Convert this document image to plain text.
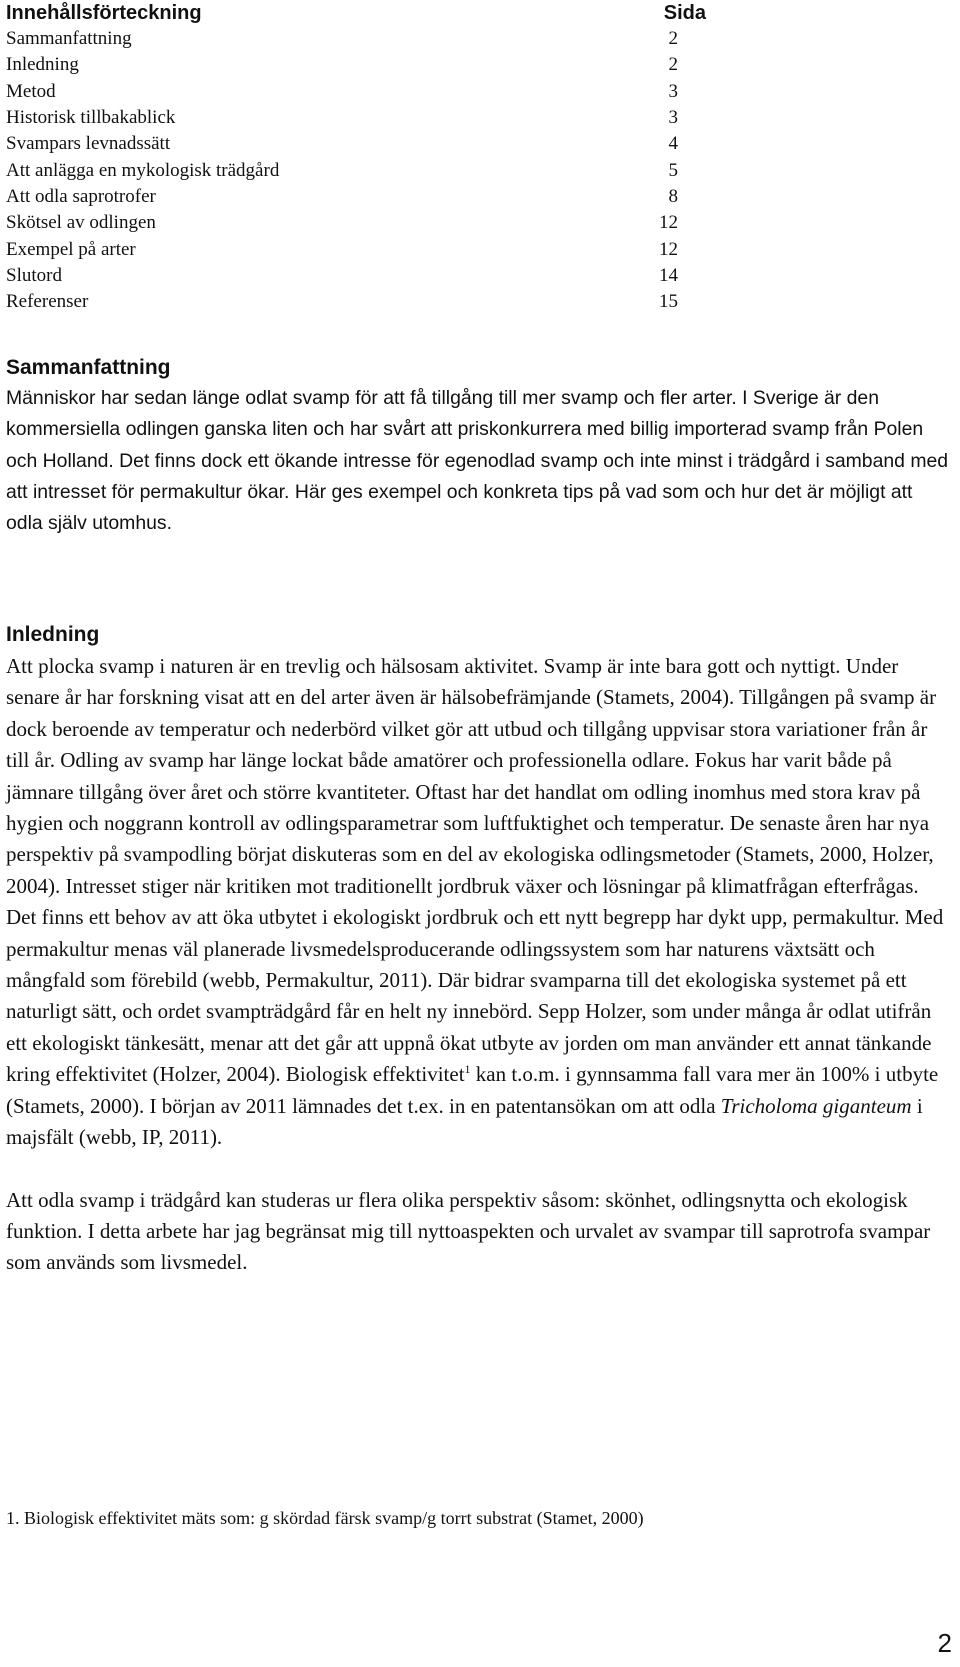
Innehållsförteckning	Sida
Sammanfattning	2
Inledning	2
Metod	3
Historisk tillbakablick	3
Svampars levnadssätt	4
Att anlägga en mykologisk trädgård	5
Att odla saprotrofer	8
Skötsel av odlingen	12
Exempel på arter	12
Slutord	14
Referenser	15
Sammanfattning

Människor har sedan länge odlat svamp för att få tillgång till mer svamp och fler arter. I Sverige är den kommersiella odlingen ganska liten och har svårt att priskonkurrera med billig importerad svamp från Polen och Holland. Det finns dock ett ökande intresse för egenodlad svamp och inte minst i trädgård i samband med att intresset för permakultur ökar. Här ges exempel och konkreta tips på vad som och hur det är möjligt att odla själv utomhus.

Inledning

Att plocka svamp i naturen är en trevlig och hälsosam aktivitet. Svamp är inte bara gott och nyttigt. Under senare år har forskning visat att en del arter även är hälsobefrämjande (Stamets, 2004). Tillgången på svamp är dock beroende av temperatur och nederbörd vilket gör att utbud och tillgång uppvisar stora variationer från år till år. Odling av svamp har länge lockat både amatörer och professionella odlare. Fokus har varit både på jämnare tillgång över året och större kvantiteter. Oftast har det handlat om odling inomhus med stora krav på hygien och noggrann kontroll av odlingsparametrar som luftfuktighet och temperatur. De senaste åren har nya perspektiv på svampodling börjat diskuteras som en del av ekologiska odlingsmetoder (Stamets, 2000, Holzer, 2004). Intresset stiger när kritiken mot traditionellt jordbruk växer och lösningar på klimatfrågan efterfrågas. Det finns ett behov av att öka utbytet i ekologiskt jordbruk och ett nytt begrepp har dykt upp, permakultur. Med permakultur menas väl planerade livsmedelsproducerande odlingssystem som har naturens växtsätt och mångfald som förebild (webb, Permakultur, 2011). Där bidrar svamparna till det ekologiska systemet på ett naturligt sätt, och ordet svampträdgård får en helt ny innebörd. Sepp Holzer, som under många år odlat utifrån ett ekologiskt tänkesätt, menar att det går att uppnå ökat utbyte av jorden om man använder ett annat tänkande kring effektivitet (Holzer, 2004). Biologisk effektivitet$^1$ kan t.o.m. i gynnsamma fall vara mer än 100% i utbyte (Stamets, 2000). I början av 2011 lämnades det t.ex. in en patentansökan om att odla Tricholoma giganteum i majsfält (webb, IP, 2011).

Att odla svamp i trädgård kan studeras ur flera olika perspektiv såsom: skönhet, odlingsnytta och ekologisk funktion. I detta arbete har jag begränsat mig till nyttoaspekten och urvalet av svampar till saprotrofa svampar som används som livsmedel.

1. Biologisk effektivitet mäts som: g skördad färsk svamp/g torrt substrat (Stamet, 2000)
2
